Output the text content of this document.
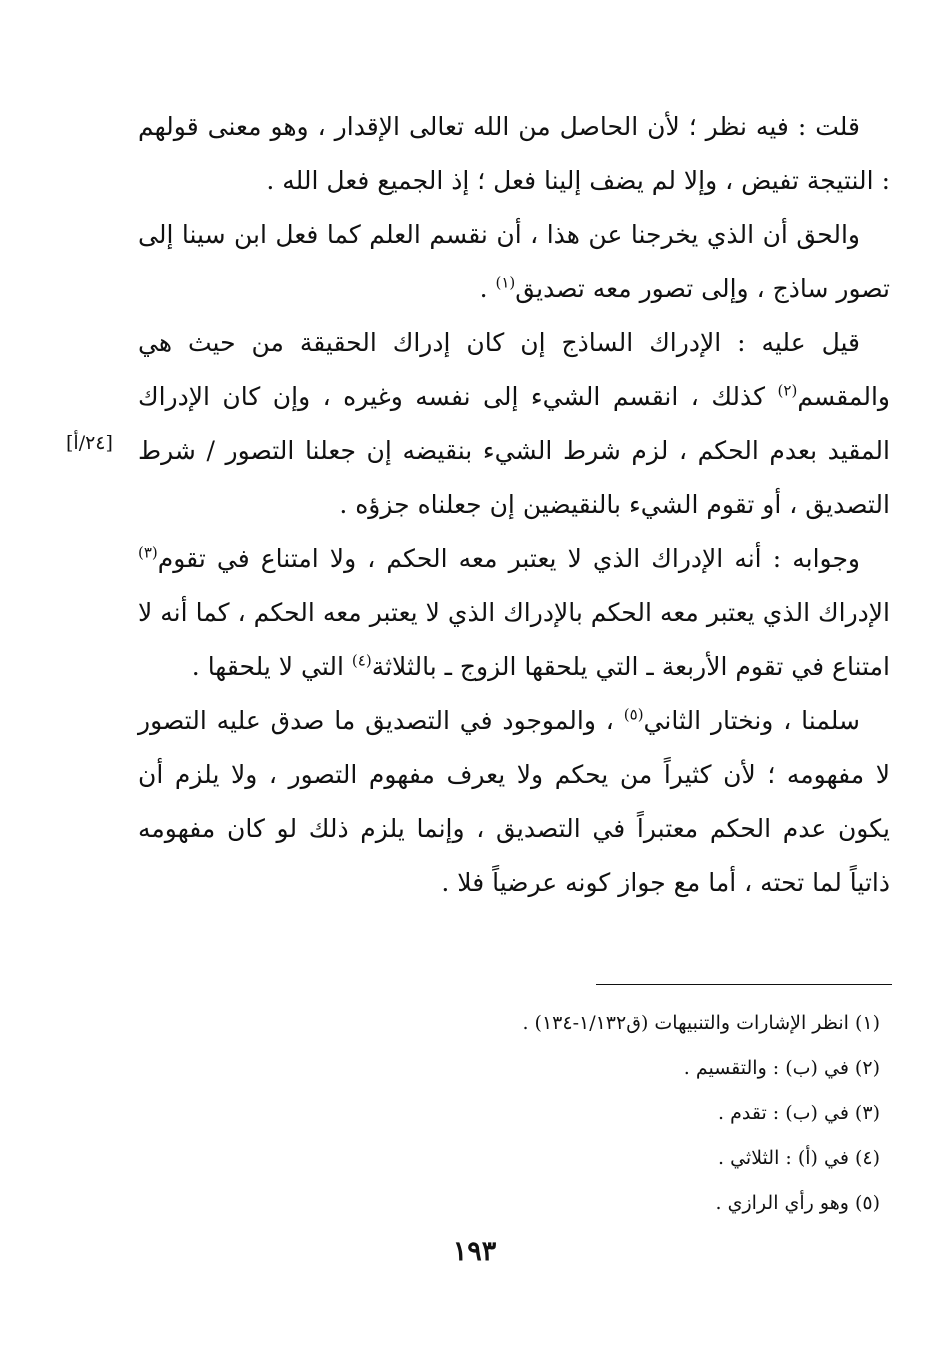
قلت : فيه نظر ؛ لأن الحاصل من الله تعالى الإقدار ، وهو معنى قولهم : النتيجة تفيض ، وإلا لم يضف إلينا فعل ؛ إذ الجميع فعل الله .

والحق أن الذي يخرجنا عن هذا ، أن نقسم العلم كما فعل ابن سينا إلى تصور ساذج ، وإلى تصور معه تصديق$^{(١)}$ .

قيل عليه : الإدراك الساذج إن كان إدراك الحقيقة من حيث هي والمقسم$^{(٢)}$ كذلك ، انقسم الشيء إلى نفسه وغيره ، وإن كان الإدراك المقيد بعدم الحكم ، لزم شرط الشيء بنقيضه إن جعلنا التصور / شرط التصديق ، أو تقوم الشيء بالنقيضين إن جعلناه جزؤه .

وجوابه : أنه الإدراك الذي لا يعتبر معه الحكم ، ولا امتناع في تقوم$^{(٣)}$ الإدراك الذي يعتبر معه الحكم بالإدراك الذي لا يعتبر معه الحكم ، كما أنه لا امتناع في تقوم الأربعة ـ التي يلحقها الزوج ـ بالثلاثة$^{(٤)}$ التي لا يلحقها .

سلمنا ، ونختار الثاني$^{(٥)}$ ، والموجود في التصديق ما صدق عليه التصور لا مفهومه ؛ لأن كثيراً من يحكم ولا يعرف مفهوم التصور ، ولا يلزم أن يكون عدم الحكم معتبراً في التصديق ، وإنما يلزم ذلك لو كان مفهومه ذاتياً لما تحته ، أما مع جواز كونه عرضياً فلا .

[٢٤/أ]

(١) انظر الإشارات والتنبيهات (ق١/١٣٢-١٣٤) .

(٢) في (ب) : والتقسيم .

(٣) في (ب) : تقدم .

(٤) في (أ) : الثلاثي .

(٥) وهو رأي الرازي .

١٩٣
